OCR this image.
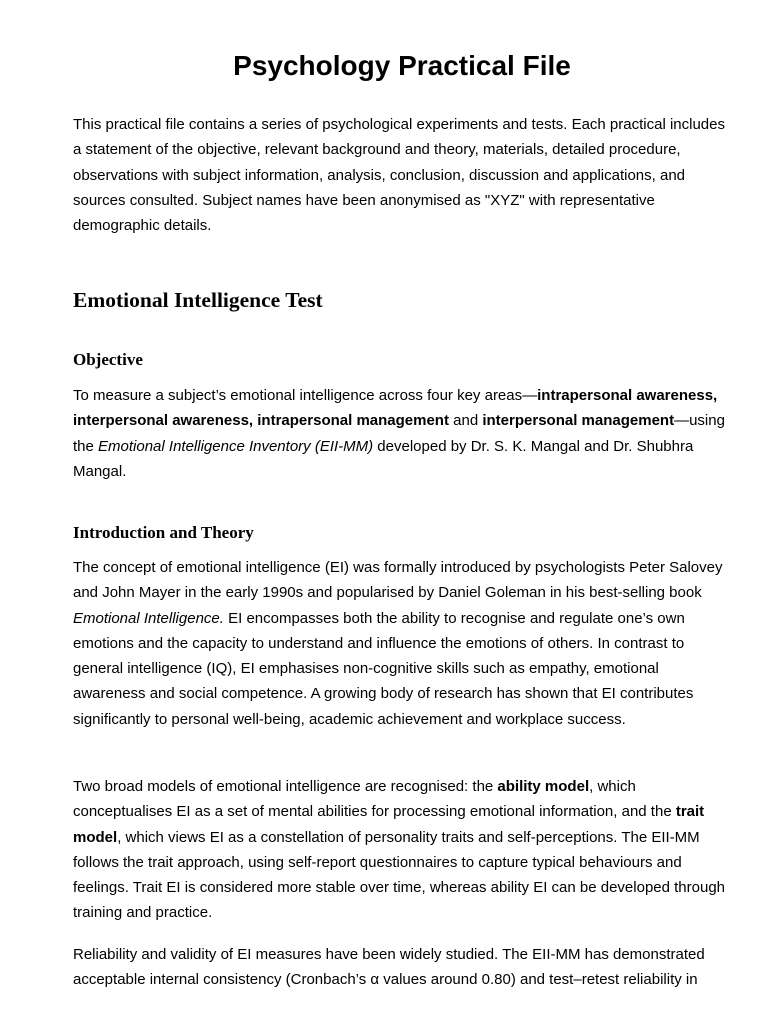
Psychology Practical File

This practical file contains a series of psychological experiments and tests. Each practical includes a statement of the objective, relevant background and theory, materials, detailed procedure, observations with subject information, analysis, conclusion, discussion and applications, and sources consulted. Subject names have been anonymised as "XYZ" with representative demographic details.

Emotional Intelligence Test
Objective

To measure a subject’s emotional intelligence across four key areas—intrapersonal awareness, interpersonal awareness, intrapersonal management and interpersonal management—using the Emotional Intelligence Inventory (EII-MM) developed by Dr. S. K. Mangal and Dr. Shubhra Mangal.

Introduction and Theory

The concept of emotional intelligence (EI) was formally introduced by psychologists Peter Salovey and John Mayer in the early 1990s and popularised by Daniel Goleman in his best-selling book Emotional Intelligence. EI encompasses both the ability to recognise and regulate one’s own emotions and the capacity to understand and influence the emotions of others. In contrast to general intelligence (IQ), EI emphasises non-cognitive skills such as empathy, emotional awareness and social competence. A growing body of research has shown that EI contributes significantly to personal well-being, academic achievement and workplace success.

Two broad models of emotional intelligence are recognised: the ability model, which conceptualises EI as a set of mental abilities for processing emotional information, and the trait model, which views EI as a constellation of personality traits and self-perceptions. The EII-MM follows the trait approach, using self-report questionnaires to capture typical behaviours and feelings. Trait EI is considered more stable over time, whereas ability EI can be developed through training and practice.

Reliability and validity of EI measures have been widely studied. The EII-MM has demonstrated acceptable internal consistency (Cronbach’s α values around 0.80) and test–retest reliability in
